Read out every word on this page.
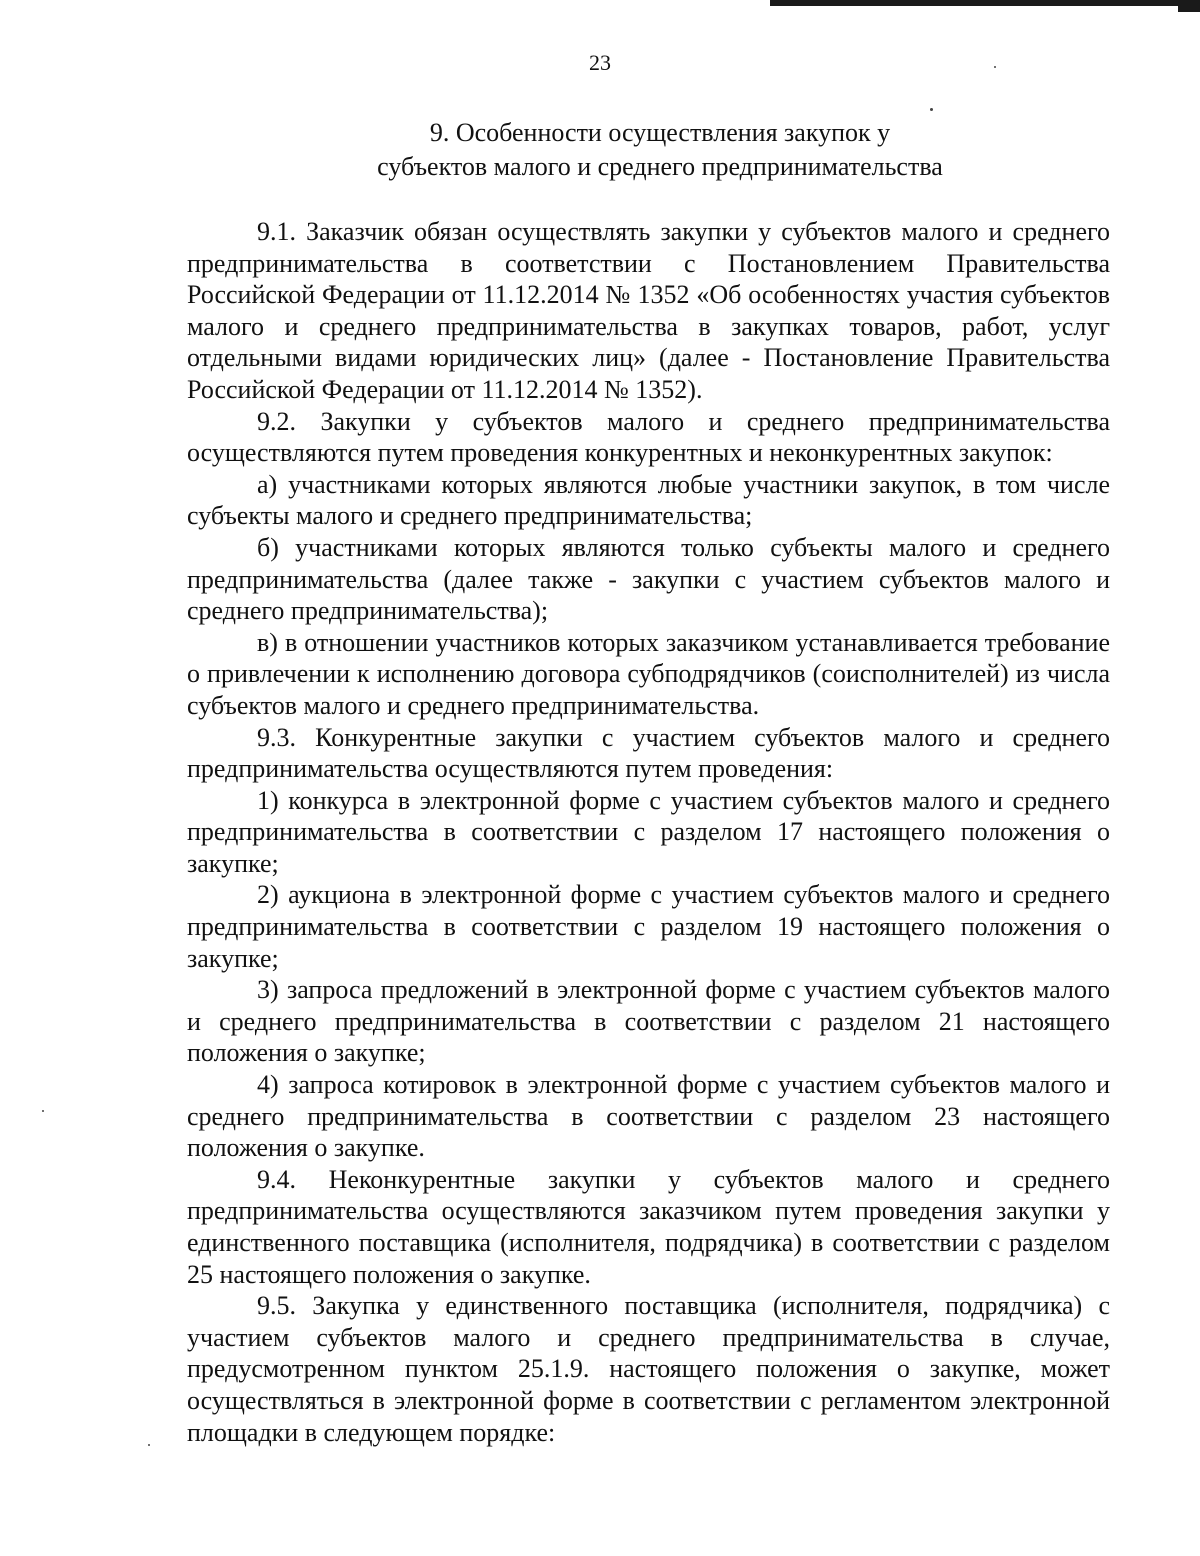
23
9. Особенности осуществления закупок у
субъектов малого и среднего предпринимательства

9.1. Заказчик обязан осуществлять закупки у субъектов малого и среднего предпринимательства в соответствии с Постановлением Правительства Российской Федерации от 11.12.2014 № 1352 «Об особенностях участия субъектов малого и среднего предпринимательства в закупках товаров, работ, услуг отдельными видами юридических лиц» (далее - Постановление Правительства Российской Федерации от 11.12.2014 № 1352).

9.2. Закупки у субъектов малого и среднего предпринимательства осуществляются путем проведения конкурентных и неконкурентных закупок:

а) участниками которых являются любые участники закупок, в том числе субъекты малого и среднего предпринимательства;

б) участниками которых являются только субъекты малого и среднего предпринимательства (далее также - закупки с участием субъектов малого и среднего предпринимательства);

в) в отношении участников которых заказчиком устанавливается требование о привлечении к исполнению договора субподрядчиков (соисполнителей) из числа субъектов малого и среднего предпринимательства.

9.3. Конкурентные закупки с участием субъектов малого и среднего предпринимательства осуществляются путем проведения:

1) конкурса в электронной форме с участием субъектов малого и среднего предпринимательства в соответствии с разделом 17 настоящего положения о закупке;

2) аукциона в электронной форме с участием субъектов малого и среднего предпринимательства в соответствии с разделом 19 настоящего положения о закупке;

3) запроса предложений в электронной форме с участием субъектов малого и среднего предпринимательства в соответствии с разделом 21 настоящего положения о закупке;

4) запроса котировок в электронной форме с участием субъектов малого и среднего предпринимательства в соответствии с разделом 23 настоящего положения о закупке.

9.4. Неконкурентные закупки у субъектов малого и среднего предпринимательства осуществляются заказчиком путем проведения закупки у единственного поставщика (исполнителя, подрядчика) в соответствии с разделом 25 настоящего положения о закупке.

9.5. Закупка у единственного поставщика (исполнителя, подрядчика) с участием субъектов малого и среднего предпринимательства в случае, предусмотренном пунктом 25.1.9. настоящего положения о закупке, может осуществляться в электронной форме в соответствии с регламентом электронной площадки в следующем порядке:
